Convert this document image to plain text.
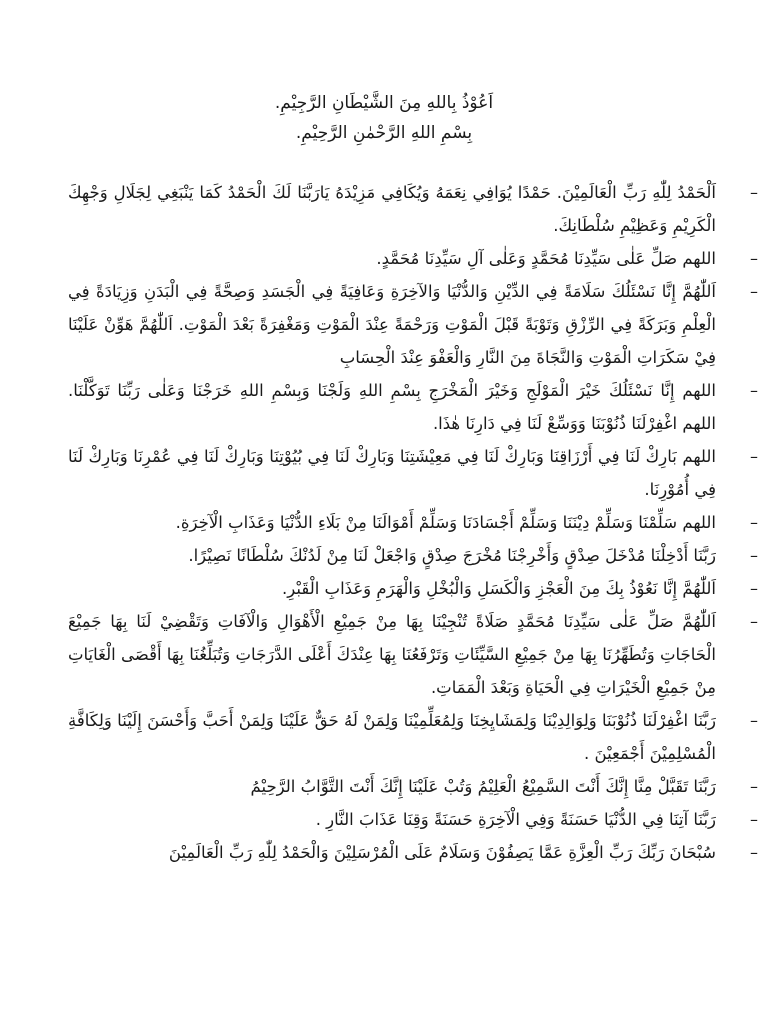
اَعُوْذُ بِاللهِ مِنَ الشَّيْطَانِ الرَّجِيْمِ.
بِسْمِ اللهِ الرَّحْمٰنِ الرَّحِيْمِ.
–
اَلْحَمْدُ لِلّٰهِ رَبِّ الْعَالَمِيْنَ. حَمْدًا يُوَافِي نِعَمَهُ وَيُكَافِي مَزِيْدَهُ يَارَبَّنَا لَكَ الْحَمْدُ كَمَا يَنْبَغِي لِجَلَالِ وَجْهِكَ الْكَرِيْمِ وَعَظِيْمِ سُلْطَانِكَ.
–
اللهم صَلِّ عَلٰى سَيِّدِنَا مُحَمَّدٍ وَعَلٰى آلِ سَيِّدِنَا مُحَمَّدٍ.
–
اَللّٰهُمَّ إِنَّا نَسْئَلُكَ سَلَامَةً فِي الدِّيْنِ وَالدُّنْيَا وَالآخِرَةِ وَعَافِيَةً فِي الْجَسَدِ وَصِحَّةً فِي الْبَدَنِ وَزِيَادَةً فِي الْعِلْمِ وَبَرَكَةً فِي الرِّزْقِ وَتَوْبَةً قَبْلَ الْمَوْتِ وَرَحْمَةً عِنْدَ الْمَوْتِ وَمَغْفِرَةً بَعْدَ الْمَوْتِ. اَللّٰهُمَّ هَوِّنْ عَلَيْنَا فِيْ سَكَرَاتِ الْمَوْتِ وَالنَّجَاةَ مِنَ النَّارِ وَالْعَفْوَ عِنْدَ الْحِسَابِ
–
اللهم إِنَّا نَسْئَلُكَ خَيْرَ الْمَوْلَجِ وَخَيْرَ الْمَخْرَجِ بِسْمِ اللهِ وَلَجْنَا وَبِسْمِ اللهِ خَرَجْنَا وَعَلٰى رَبِّنَا تَوَكَّلْنَا. اللهم اغْفِرْلَنَا ذُنُوْبَنَا وَوَسِّعْ لَنَا فِي دَارِنَا هٰذَا.
–
اللهم بَارِكْ لَنَا فِي أَرْزَاقِنَا وَبَارِكْ لَنَا فِي مَعِيْشَتِنَا وَبَارِكْ لَنَا فِي بُيُوْتِنَا وَبَارِكْ لَنَا فِي عُمْرِنَا وَبَارِكْ لَنَا فِي أُمُوْرِنَا.
–
اللهم سَلِّمْنَا وَسَلِّمْ دِيْنَنَا وَسَلِّمْ أَجْسَادَنَا وَسَلِّمْ أَمْوَالَنَا مِنْ بَلَاءِ الدُّنْيَا وَعَذَابِ الْآخِرَةِ.
–
رَبَّنَا أَدْخِلْنَا مُدْخَلَ صِدْقٍ وَأَخْرِجْنَا مُخْرَجَ صِدْقٍ وَاجْعَلْ لَنَا مِنْ لَدُنْكَ سُلْطَانًا نَصِيْرًا.
–
اَللّٰهُمَّ إِنَّا نَعُوْذُ بِكَ مِنَ الْعَجْزِ وَالْكَسَلِ وَالْبُخْلِ وَالْهَرَمِ وَعَذَابِ الْقَبْرِ.
–
اَللّٰهُمَّ صَلِّ عَلٰى سَيِّدِنَا مُحَمَّدٍ صَلَاةً تُنْجِيْنَا بِهَا مِنْ جَمِيْعِ الْأَهْوَالِ وَالْآفَاتِ وَتَقْضِيْ لَنَا بِهَا جَمِيْعَ الْحَاجَاتِ وَتُطَهِّرُنَا بِهَا مِنْ جَمِيْعِ السَّيِّئَاتِ وَتَرْفَعُنَا بِهَا عِنْدَكَ أَعْلَى الدَّرَجَاتِ وَتُبَلِّغُنَا بِهَا أَقْصَى الْغَايَاتِ مِنْ جَمِيْعِ الْخَيْرَاتِ فِي الْحَيَاةِ وَبَعْدَ الْمَمَاتِ.
–
رَبَّنَا اغْفِرْلَنَا ذُنُوْبَنَا وَلِوَالِدِيْنَا وَلِمَشَايِخِنَا وَلِمُعَلِّمِيْنَا وَلِمَنْ لَهُ حَقٌّ عَلَيْنَا وَلِمَنْ أَحَبَّ وَأَحْسَنَ إِلَيْنَا وَلِكَافَّةِ الْمُسْلِمِيْنَ أَجْمَعِيْنَ .
–
رَبَّنَا تَقَبَّلْ مِنَّا إِنَّكَ أَنْتَ السَّمِيْعُ الْعَلِيْمُ وَتُبْ عَلَيْنَا إِنَّكَ أَنْتَ التَّوَّابُ الرَّحِيْمُ
–
رَبَّنَا آتِنَا فِي الدُّنْيَا حَسَنَةً وَفِي الْآخِرَةِ حَسَنَةً وَقِنَا عَذَابَ النَّارِ .
–
سُبْحَانَ رَبِّكَ رَبِّ الْعِزَّةِ عَمَّا يَصِفُوْنَ وَسَلَامٌ عَلَى الْمُرْسَلِيْنَ وَالْحَمْدُ لِلّٰهِ رَبِّ الْعَالَمِيْنَ
